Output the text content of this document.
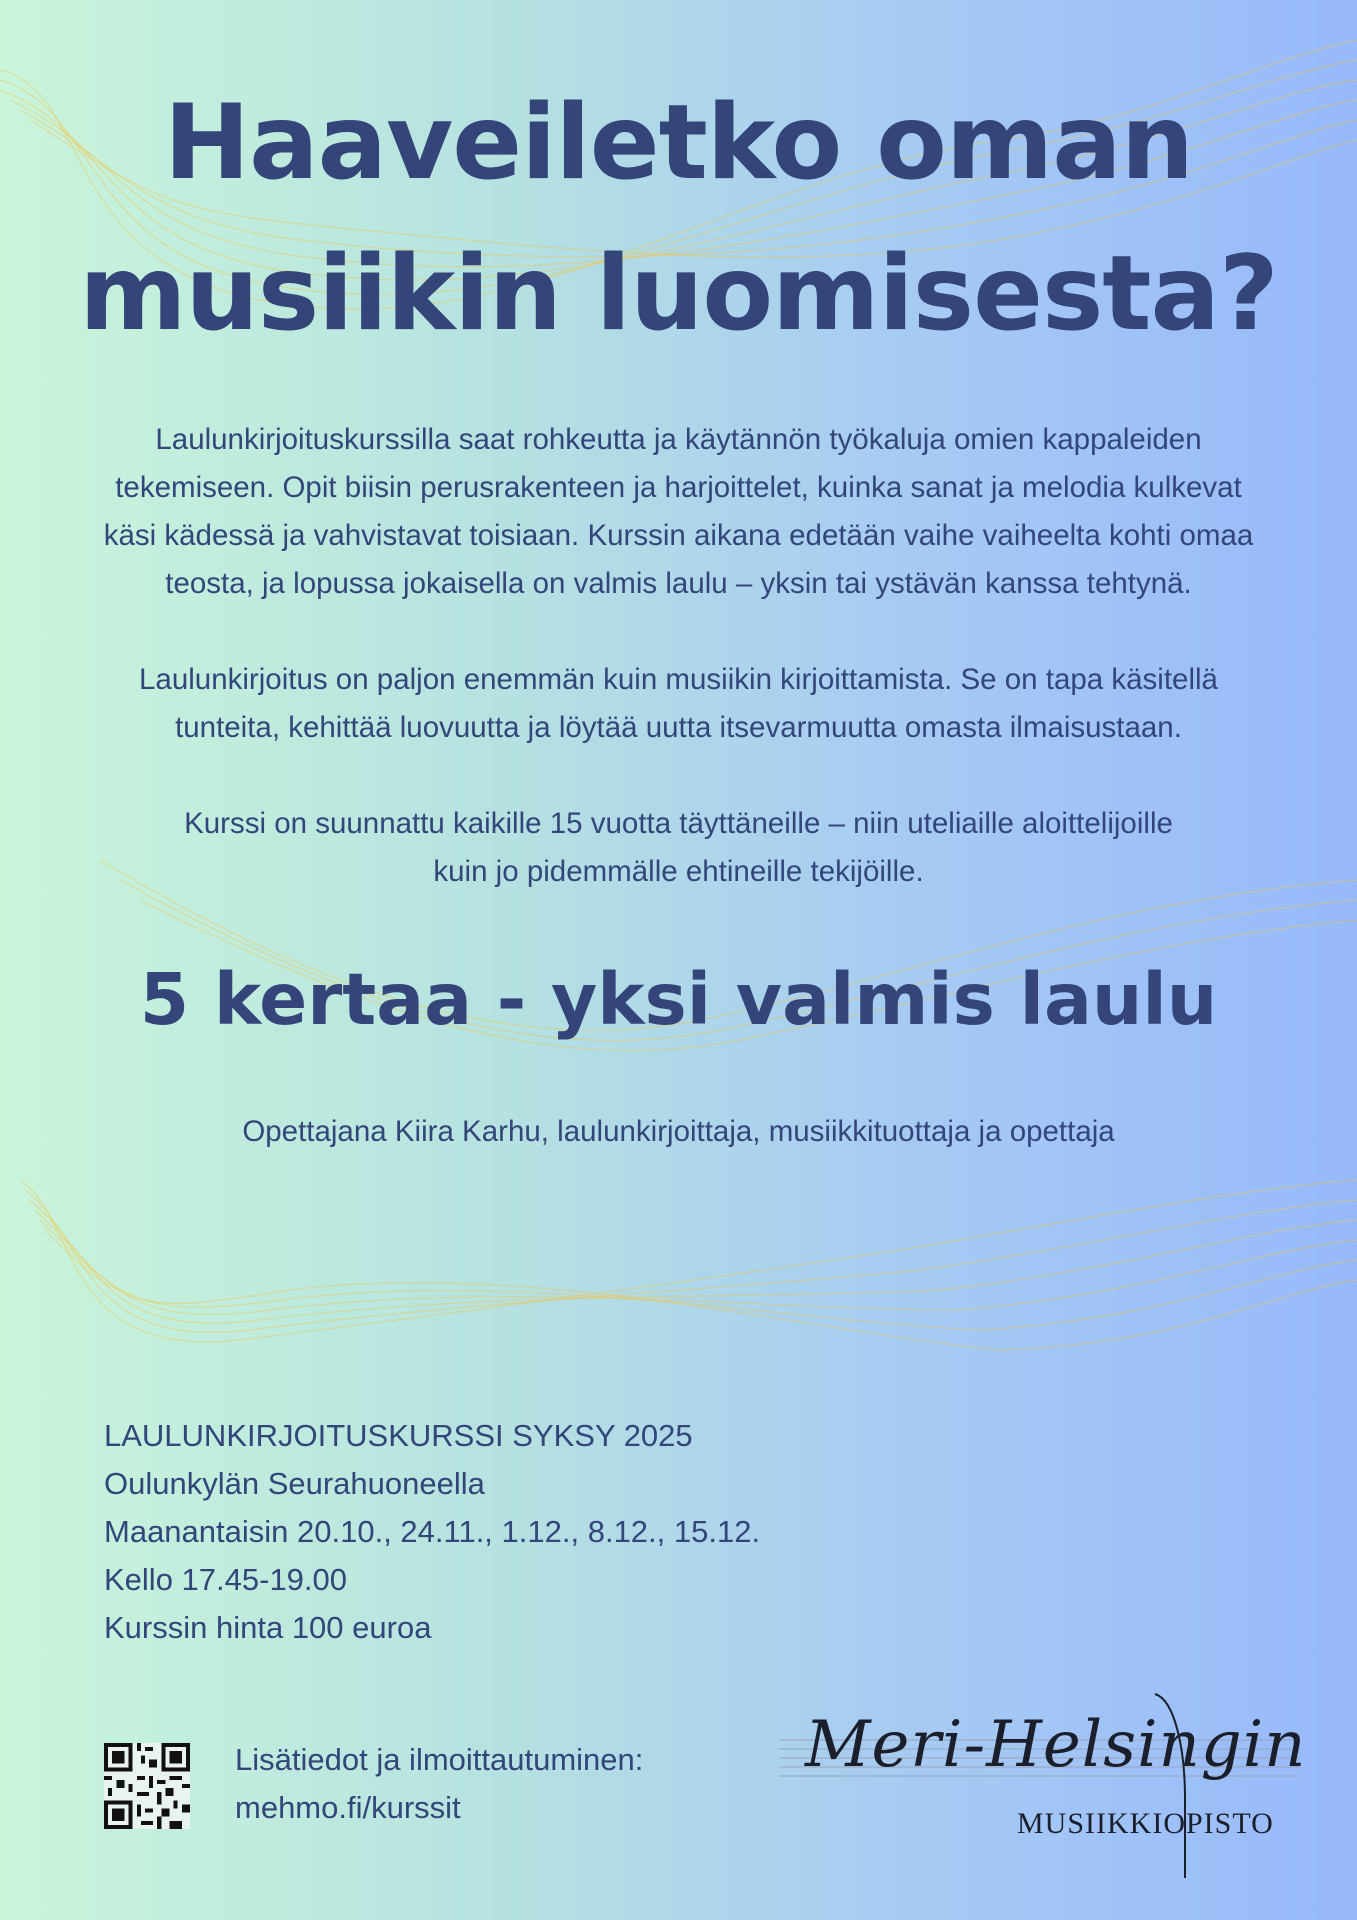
Haaveiletko oman
musiikin luomisesta?

Laulunkirjoituskurssilla saat rohkeutta ja käytännön työkaluja omien kappaleiden
tekemiseen. Opit biisin perusrakenteen ja harjoittelet, kuinka sanat ja melodia kulkevat
käsi kädessä ja vahvistavat toisiaan. Kurssin aikana edetään vaihe vaiheelta kohti omaa
teosta, ja lopussa jokaisella on valmis laulu – yksin tai ystävän kanssa tehtynä.

Laulunkirjoitus on paljon enemmän kuin musiikin kirjoittamista. Se on tapa käsitellä
tunteita, kehittää luovuutta ja löytää uutta itsevarmuutta omasta ilmaisustaan.

Kurssi on suunnattu kaikille 15 vuotta täyttäneille – niin uteliaille aloittelijoille
kuin jo pidemmälle ehtineille tekijöille.

5 kertaa - yksi valmis laulu

Opettajana Kiira Karhu, laulunkirjoittaja, musiikkituottaja ja opettaja

LAULUNKIRJOITUSKURSSI SYKSY 2025
Oulunkylän Seurahuoneella
Maanantaisin 20.10., 24.11., 1.12., 8.12., 15.12.
Kello 17.45-19.00
Kurssin hinta 100 euroa
Lisätiedot ja ilmoittautuminen:
mehmo.fi/kurssit
Meri-Helsingin
MUSIIKKIOPISTO
